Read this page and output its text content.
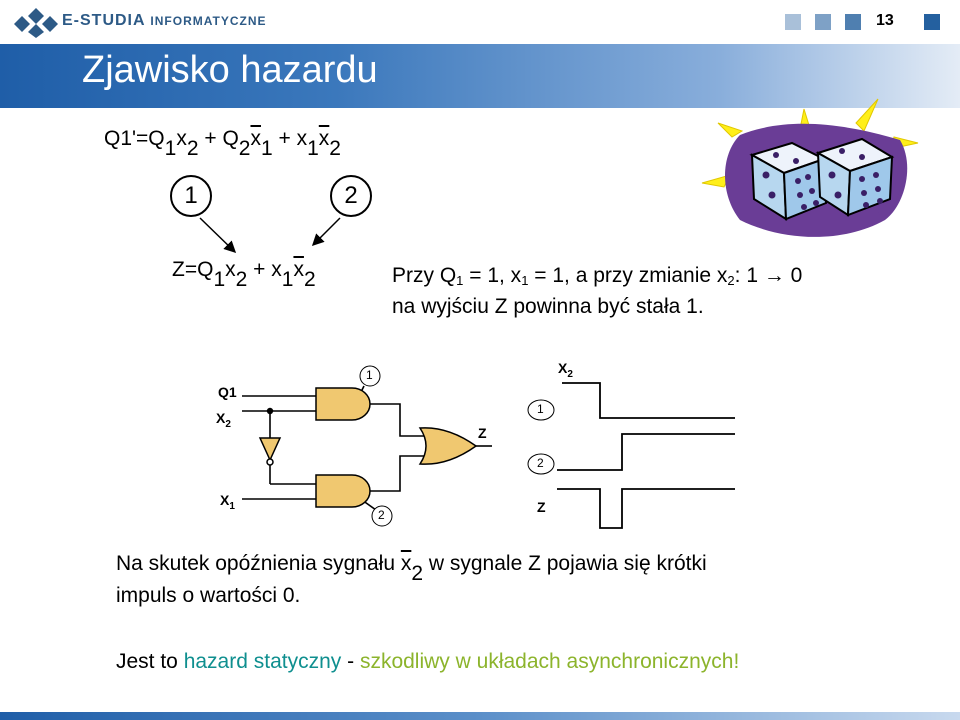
E-STUDIA INFORMATYCZNE	13
Zjawisko hazardu
$Q1'=Q_1x_2 + Q_2\overline{x}_1 + x_1\overline{x}_2$
1	2
$Z=Q_1x_2 + x_1\overline{x}_2$	Przy $Q_1 = 1$, $x_1 = 1$, a przy zmianie $x_2$: 1 → 0
na wyjściu Z powinna być stała 1.
Q1
$X_2$
$X_1$
Z
1
2
$X_2$
1
2
Z
Na skutek opóźnienia sygnału $\overline{x}_2$ w sygnale Z pojawia się krótki
impuls o wartości 0.
Jest to hazard statyczny - szkodliwy w układach asynchronicznych!
